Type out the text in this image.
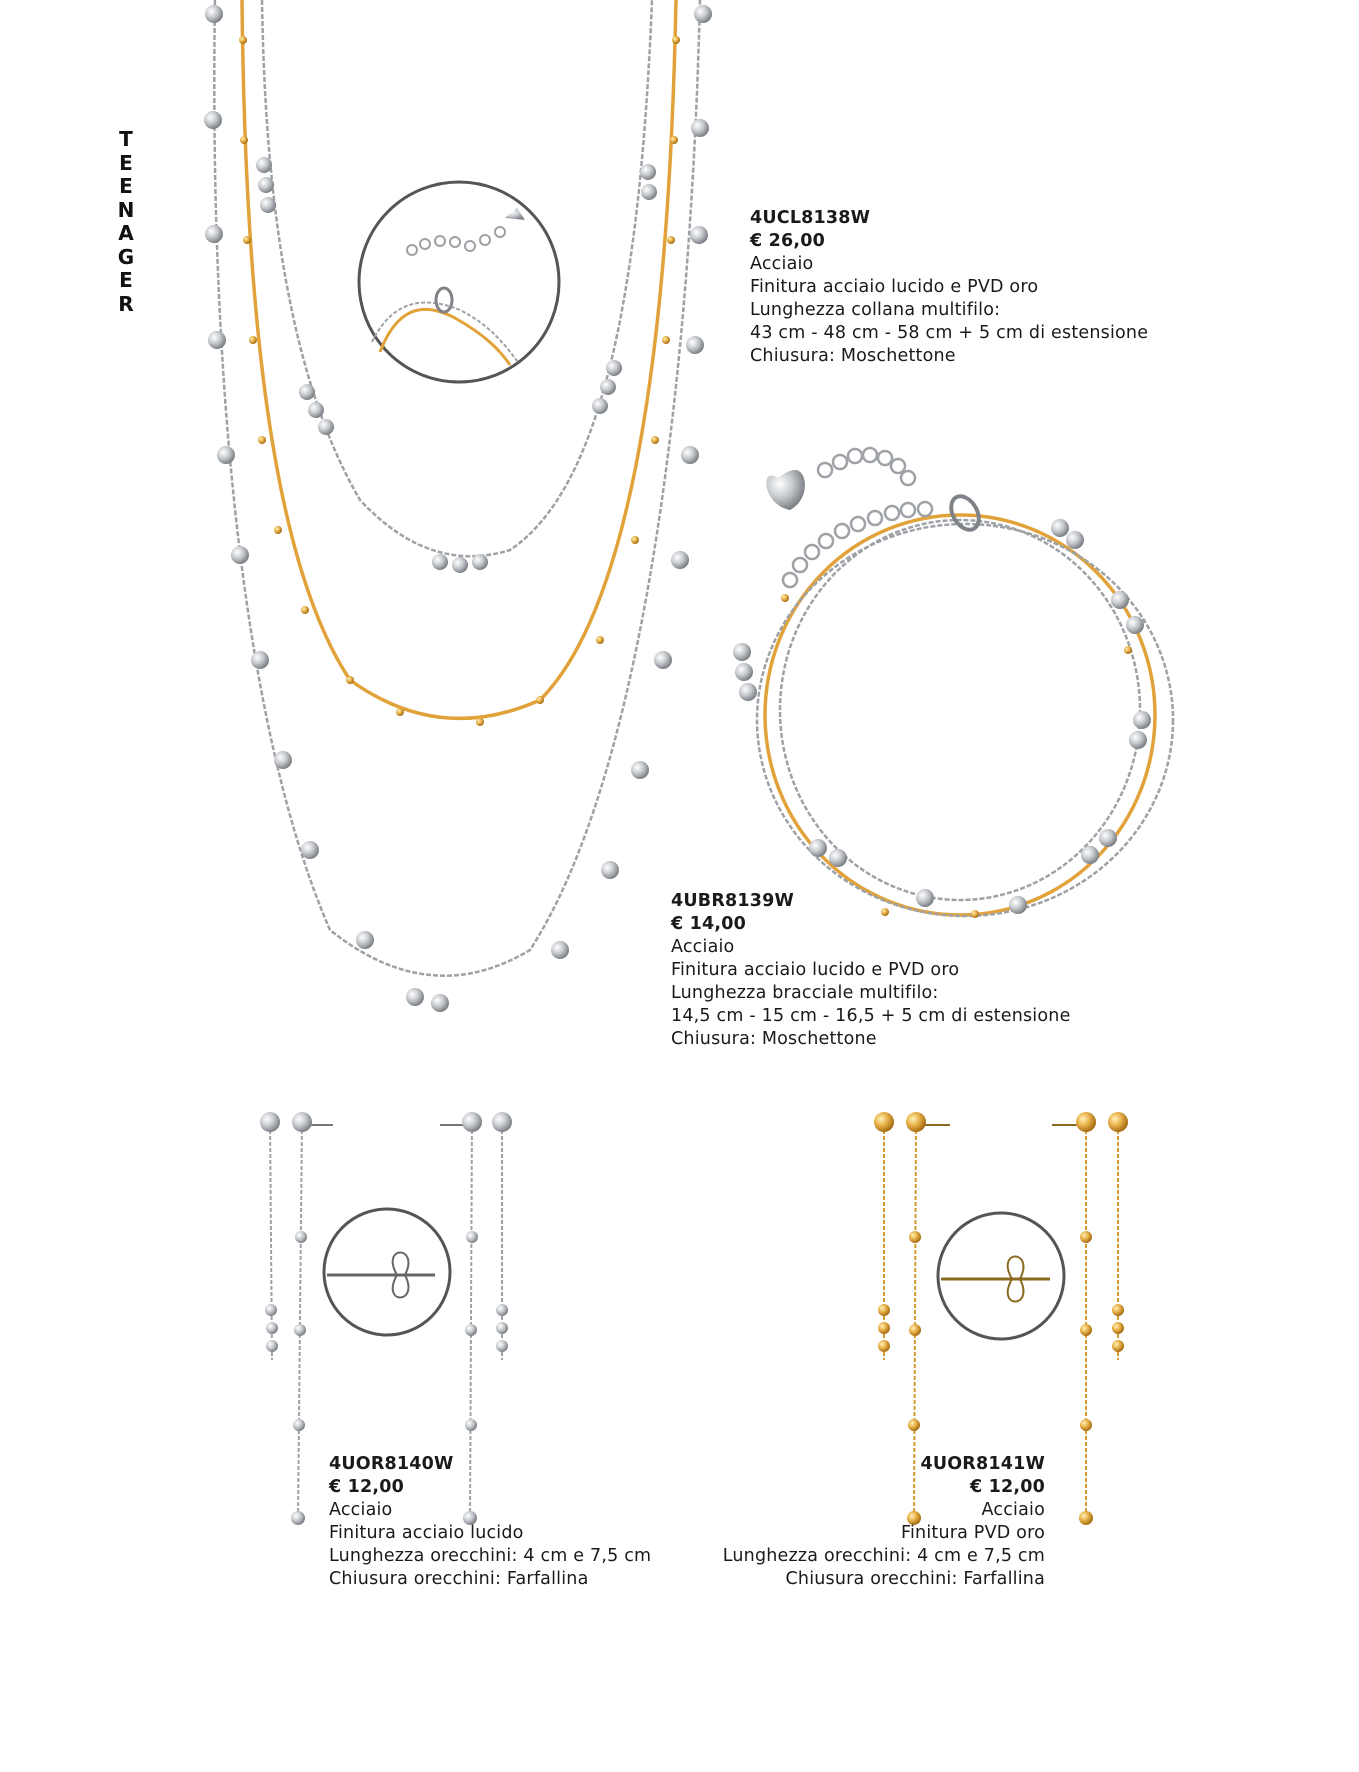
T
E
E
N
A
G
E
R
4UCL8138W
€ 26,00
Acciaio
Finitura acciaio lucido e PVD oro
Lunghezza collana multifilo:
43 cm - 48 cm - 58 cm + 5 cm di estensione
Chiusura: Moschettone
4UBR8139W
€ 14,00
Acciaio
Finitura acciaio lucido e PVD oro
Lunghezza bracciale multifilo:
14,5 cm - 15 cm - 16,5 + 5 cm di estensione
Chiusura: Moschettone
4UOR8140W
€ 12,00
Acciaio
Finitura acciaio lucido
Lunghezza orecchini: 4 cm e 7,5 cm
Chiusura orecchini: Farfallina
4UOR8141W
€ 12,00
Acciaio
Finitura PVD oro
Lunghezza orecchini: 4 cm e 7,5 cm
Chiusura orecchini: Farfallina
